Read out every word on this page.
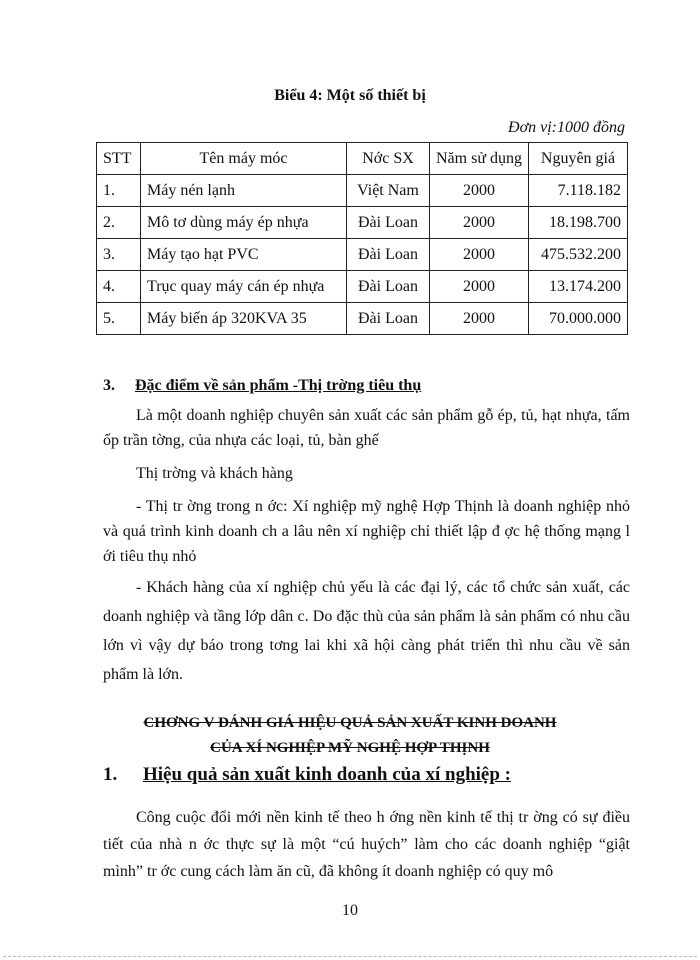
Biểu 4: Một số thiết bị
Đơn vị:1000 đồng
STT	Tên máy móc	Nớc SX	Năm sử dụng	Nguyên giá
1.	Máy nén lạnh	Việt Nam	2000	7.118.182
2.	Mô tơ dùng máy ép nhựa	Đài Loan	2000	18.198.700
3.	Máy tạo hạt PVC	Đài Loan	2000	475.532.200
4.	Trục quay máy cán ép nhựa	Đài Loan	2000	13.174.200
5.	Máy biến áp 320KVA 35	Đài Loan	2000	70.000.000
3. Đặc điểm về sản phẩm -Thị trờng tiêu thụ

Là một doanh nghiệp chuyên sản xuất các sản phẩm gỗ ép, tủ, hạt nhựa, tấm ốp trần tờng, của nhựa các loại, tủ, bàn ghế

Thị trờng và khách hàng

- Thị tr ờng trong n ớc: Xí nghiệp mỹ nghệ Hợp Thịnh là doanh nghiệp nhỏ và quá trình kinh doanh ch a lâu nên xí nghiệp chỉ thiết lập đ ợc hệ thống mạng l ới tiêu thụ nhỏ

- Khách hàng của xí nghiệp chủ yếu là các đại lý, các tổ chức sản xuất, các doanh nghiệp và tầng lớp dân c. Do đặc thù của sản phẩm là sản phẩm có nhu cầu lớn vì vậy dự báo trong tơng lai khi xã hội càng phát triển thì nhu cầu về sản phẩm là lớn.

CHƠNG V ĐÁNH GIÁ HIỆU QUẢ SẢN XUẤT KINH DOANH
CỦA XÍ NGHIỆP MỸ NGHỆ HỢP THỊNH
1. Hiệu quả sản xuất kinh doanh của xí nghiệp :

Công cuộc đổi mới nền kinh tế theo h ớng nền kinh tế thị tr ờng có sự điều tiết của nhà n ớc thực sự là một “cú huých” làm cho các doanh nghiệp “giật mình” tr ớc cung cách làm ăn cũ, đã không ít doanh nghiệp có quy mô

10
